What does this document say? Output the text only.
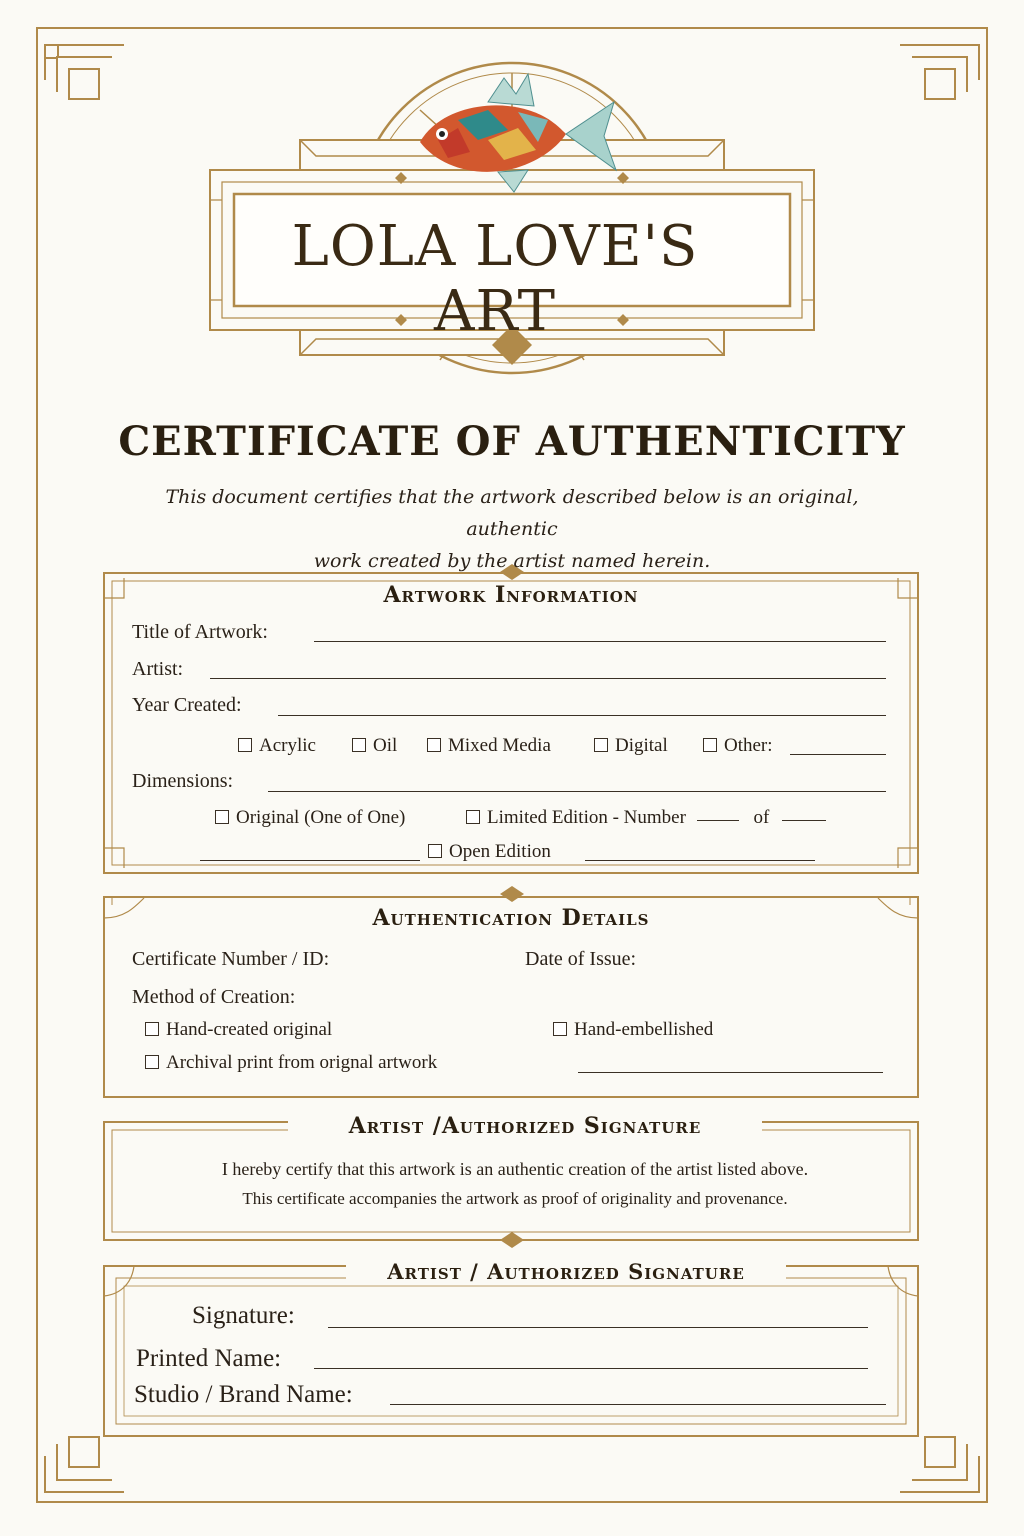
LOLA LOVE'S ART
CERTIFICATE OF AUTHENTICITY
This document certifies that the artwork described below is an original, authentic
work created by the artist named herein.
Artwork Information
Title of Artwork:
Artist:
Year Created:
Acrylic	Oil	Mixed Media	Digital	Other:
Dimensions:
Original (One of One)	Limited Edition - Number	of
Open Edition
Authentication Details
Certificate Number / ID:	Date of Issue:
Method of Creation:
Hand-created original	Hand-embellished
Archival print from orignal artwork
Artist /Authorized Signature
I hereby certify that this artwork is an authentic creation of the artist listed above.
This certificate accompanies the artwork as proof of originality and provenance.
Artist / Authorized Signature
Signature:
Printed Name:
Studio / Brand Name:
